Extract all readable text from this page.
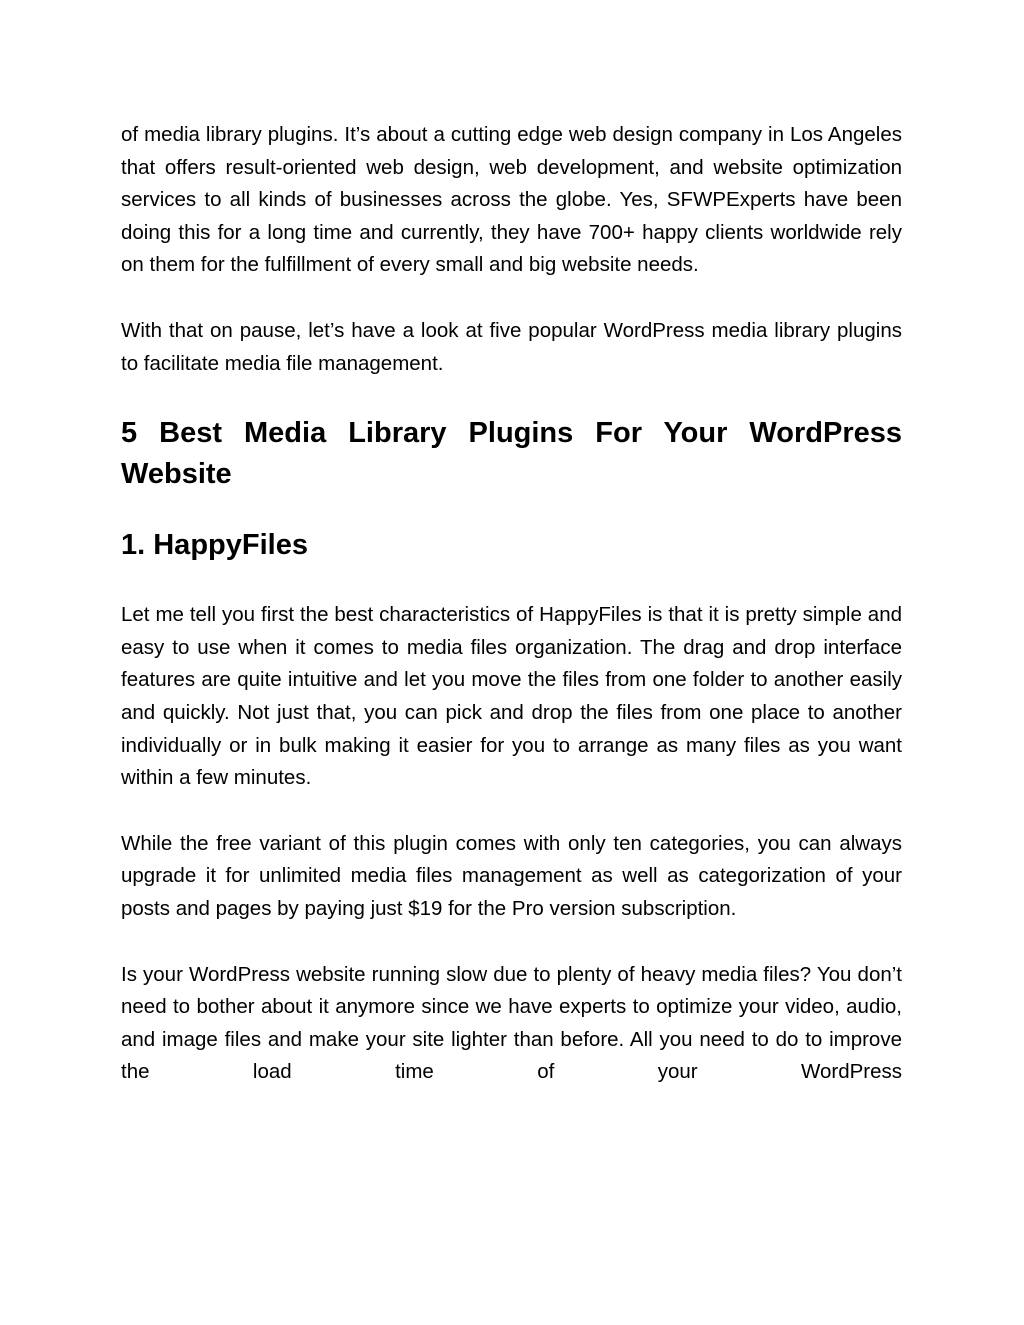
of media library plugins. It’s about a cutting edge web design company in Los Angeles that offers result-oriented web design, web development, and website optimization services to all kinds of businesses across the globe. Yes, SFWPExperts have been doing this for a long time and currently, they have 700+ happy clients worldwide rely on them for the fulfillment of every small and big website needs.

With that on pause, let’s have a look at five popular WordPress media library plugins to facilitate media file management.

5 Best Media Library Plugins For Your WordPress Website
1. HappyFiles

Let me tell you first the best characteristics of HappyFiles is that it is pretty simple and easy to use when it comes to media files organization. The drag and drop interface features are quite intuitive and let you move the files from one folder to another easily and quickly. Not just that, you can pick and drop the files from one place to another individually or in bulk making it easier for you to arrange as many files as you want within a few minutes.

While the free variant of this plugin comes with only ten categories, you can always upgrade it for unlimited media files management as well as categorization of your posts and pages by paying just $19 for the Pro version subscription.

Is your WordPress website running slow due to plenty of heavy media files? You don’t need to bother about it anymore since we have experts to optimize your video, audio, and image files and make your site lighter than before. All you need to do to improve the load time of your WordPress
